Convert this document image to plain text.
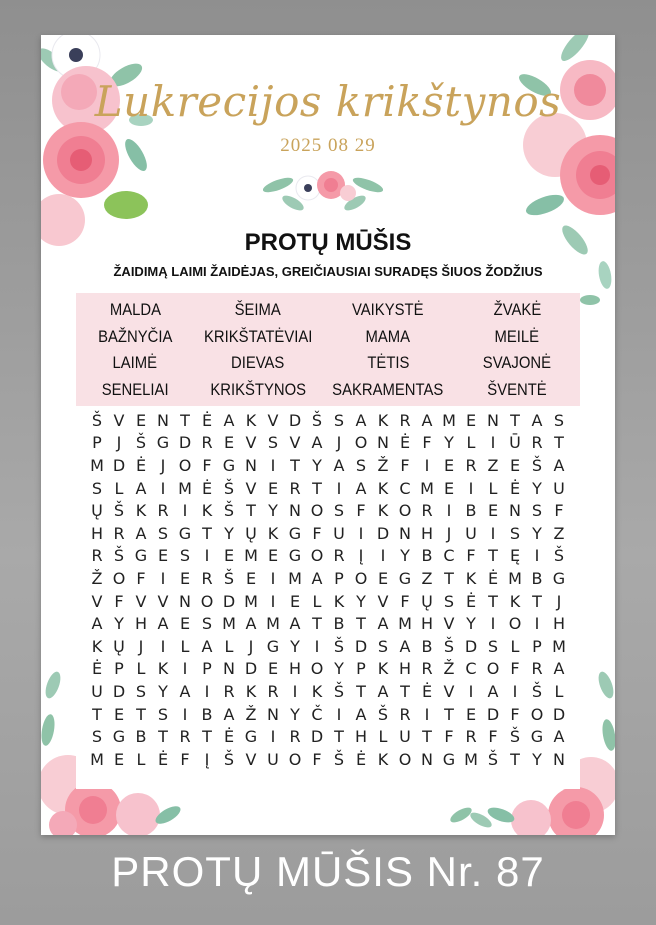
Lukrecijos krikštynos
2025 08 29
PROTŲ MŪŠIS
ŽAIDIMĄ LAIMI ŽAIDĖJAS, GREIČIAUSIAI SURADĘS ŠIUOS ŽODŽIUS
MALDA
BAŽNYČIA
LAIMĖ
SENELIAI
ŠEIMA
KRIKŠTATĖVIAI
DIEVAS
KRIKŠTYNOS
VAIKYSTĖ
MAMA
TĖTIS
SAKRAMENTAS
ŽVAKĖ
MEILĖ
SVAJONĖ
ŠVENTĖ
Š V E N T Ė A K V D Š S A K R A M E N T A S
P J Š G D R E V S V A J O N Ė F Y L I Ū R T
M D Ė J O F G N I T Y A S Ž F I E R Z E Š A
S L A I M Ė Š V E R T I A K C M E I L Ė Y U
Ų Š K R I K Š T Y N O S F K O R I B E N S F
H R A S G T Y Ų K G F U I D N H J U I S Y Z
R Š G E S I E M E G O R Į	I Y B C F T Ę I Š
Ž O F I E R Š E I M A P O E G Z T K Ė M B G
V F V V N O D M I E L K Y V F Ų S Ė T K T J
A Y H A E S M A M A T B T A M H V Y I O I H
K Ų J	I L A L J G Y I Š D S A B Š D S L P M
Ė P L K I P N D E H O Y P K H R Ž C O F R A
U D S Y A I R K R I K Š T A T Ė V I A I Š L
T E T S I B A Ž N Y Č I A Š R I T E D F O D
S G B T R T Ė G I R D T H L U T F R F Š G A
M E L Ė F Į Š V U O F Š Ė K O N G M Š T Y N
PROTŲ MŪŠIS Nr. 87
